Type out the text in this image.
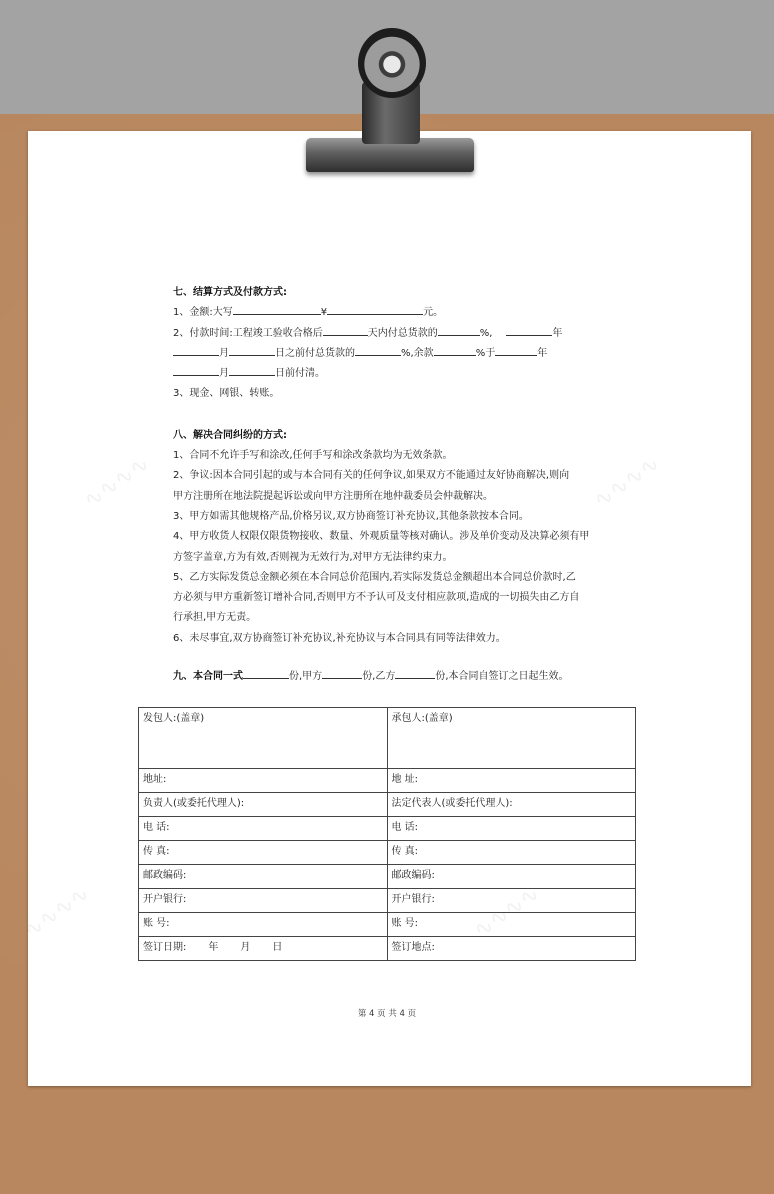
七、结算方式及付款方式:
1、金额:大写	¥	元。
2、付款时间:工程竣工验收合格后	天内付总货款的	%,	年
月	日之前付总货款的	%,余款	%于	年
月	日前付清。
3、现金、网银、转账。
八、解决合同纠纷的方式:
1、合同不允许手写和涂改,任何手写和涂改条款均为无效条款。
2、争议:因本合同引起的或与本合同有关的任何争议,如果双方不能通过友好协商解决,则向
甲方注册所在地法院提起诉讼或向甲方注册所在地仲裁委员会仲裁解决。
3、甲方如需其他规格产品,价格另议,双方协商签订补充协议,其他条款按本合同。
4、甲方收货人权限仅限货物接收、数量、外观质量等核对确认。涉及单价变动及决算必须有甲
方签字盖章,方为有效,否则视为无效行为,对甲方无法律约束力。
5、乙方实际发货总金额必须在本合同总价范围内,若实际发货总金额超出本合同总价款时,乙
方必须与甲方重新签订增补合同,否则甲方不予认可及支付相应款项,造成的一切损失由乙方自
行承担,甲方无责。
6、未尽事宜,双方协商签订补充协议,补充协议与本合同具有同等法律效力。
九、本合同一式	份,甲方	份,乙方	份,本合同自签订之日起生效。
发包人:(盖章)	承包人:(盖章)
地址:	地 址:
负责人(或委托代理人):	法定代表人(或委托代理人):
电 话:	电 话:
传 真:	传 真:
邮政编码:	邮政编码:
开户银行:	开户银行:
账 号:	账 号:
签订日期: 年 月 日	签订地点:
第 4 页 共 4 页
